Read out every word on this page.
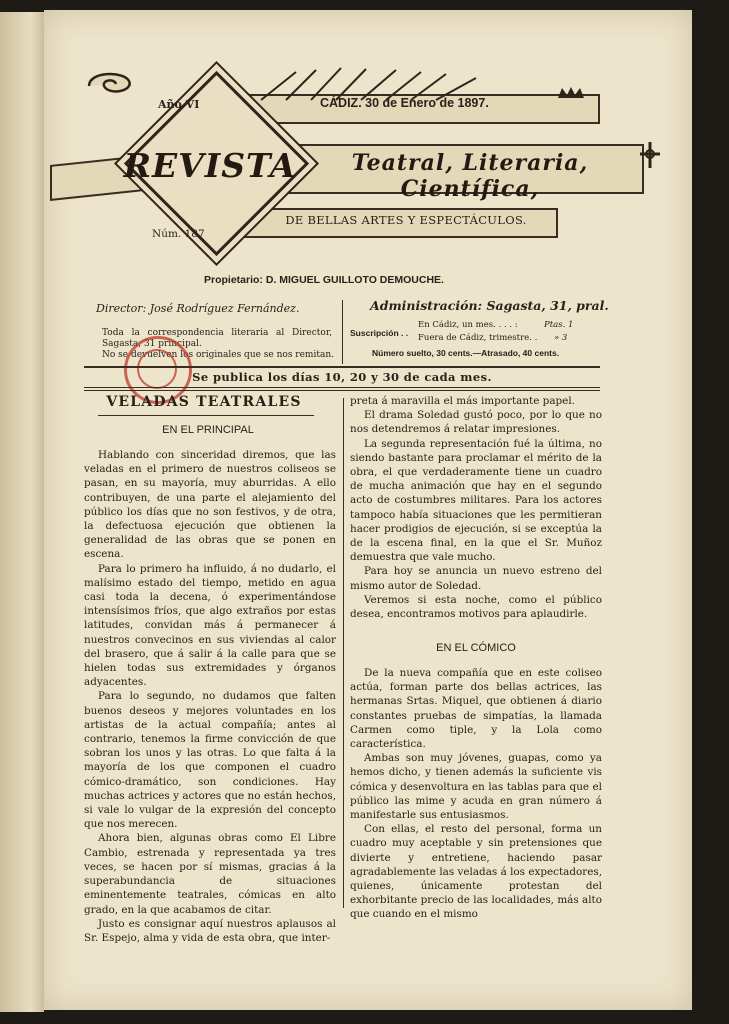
Año VI	CÁDIZ. 30 de Enero de 1897.
REVISTA	Teatral, Literaria, Científica,
Núm. 187
DE BELLAS ARTES Y ESPECTÁCULOS.
Propietario: D. MIGUEL GUILLOTO DEMOUCHE.
Director: José Rodríguez Fernández.
Toda la correspondencia literaria al Director, Sagasta, 31 principal.
No se devuelven los originales que se nos remitan.
Administración: Sagasta, 31, pral.
Suscripción . .
En Cádiz, un mes. . . . :	Ptas. 1
Fuera de Cádiz, trimestre. . » 3
Número suelto, 30 cents.—Atrasado, 40 cents.
Se publica los días 10, 20 y 30 de cada mes.
VELADAS TEATRALES
EN EL PRINCIPAL

Hablando con sinceridad diremos, que las veladas en el primero de nuestros coliseos se pasan, en su mayoría, muy aburridas. A ello contribuyen, de una parte el alejamiento del público los días que no son festivos, y de otra, la defectuosa ejecución que obtienen la generalidad de las obras que se ponen en escena.

Para lo primero ha influido, á no dudarlo, el malísimo estado del tiempo, metido en agua casi toda la decena, ó experimentándose intensísimos fríos, que algo extraños por estas latitudes, convidan más á permanecer á nuestros convecinos en sus viviendas al calor del brasero, que á salir á la calle para que se hielen todas sus extremidades y órganos adyacentes.

Para lo segundo, no dudamos que falten buenos deseos y mejores voluntades en los artistas de la actual compañía; antes al contrario, tenemos la firme convicción de que sobran los unos y las otras. Lo que falta á la mayoría de los que componen el cuadro cómico-dramático, son condiciones. Hay muchas actrices y actores que no están hechos, si vale lo vulgar de la expresión del concepto que nos merecen.

Ahora bien, algunas obras como El Libre Cambio, estrenada y representada ya tres veces, se hacen por sí mismas, gracias á la superabundancia de situaciones eminentemente teatrales, cómicas en alto grado, en la que acabamos de citar.

Justo es consignar aquí nuestros aplausos al Sr. Espejo, alma y vida de esta obra, que inter-

preta á maravilla el más importante papel.

El drama Soledad gustó poco, por lo que no nos detendremos á relatar impresiones.

La segunda representación fué la última, no siendo bastante para proclamar el mérito de la obra, el que verdaderamente tiene un cuadro de mucha animación que hay en el segundo acto de costumbres militares. Para los actores tampoco había situaciones que les permitieran hacer prodigios de ejecución, si se exceptúa la de la escena final, en la que el Sr. Muñoz demuestra que vale mucho.

Para hoy se anuncia un nuevo estreno del mismo autor de Soledad.

Veremos si esta noche, como el público desea, encontramos motivos para aplaudirle.

EN EL CÓMICO

De la nueva compañía que en este coliseo actúa, forman parte dos bellas actrices, las hermanas Srtas. Miquel, que obtienen á diario constantes pruebas de simpatías, la llamada Carmen como tiple, y la Lola como característica.

Ambas son muy jóvenes, guapas, como ya hemos dicho, y tienen además la suficiente vis cómica y desenvoltura en las tablas para que el público las mime y acuda en gran número á manifestarle sus entusiasmos.

Con ellas, el resto del personal, forma un cuadro muy aceptable y sin pretensiones que divierte y entretiene, haciendo pasar agradablemente las veladas á los expectadores, quienes, únicamente protestan del exhorbitante precio de las localidades, más alto que cuando en el mismo
